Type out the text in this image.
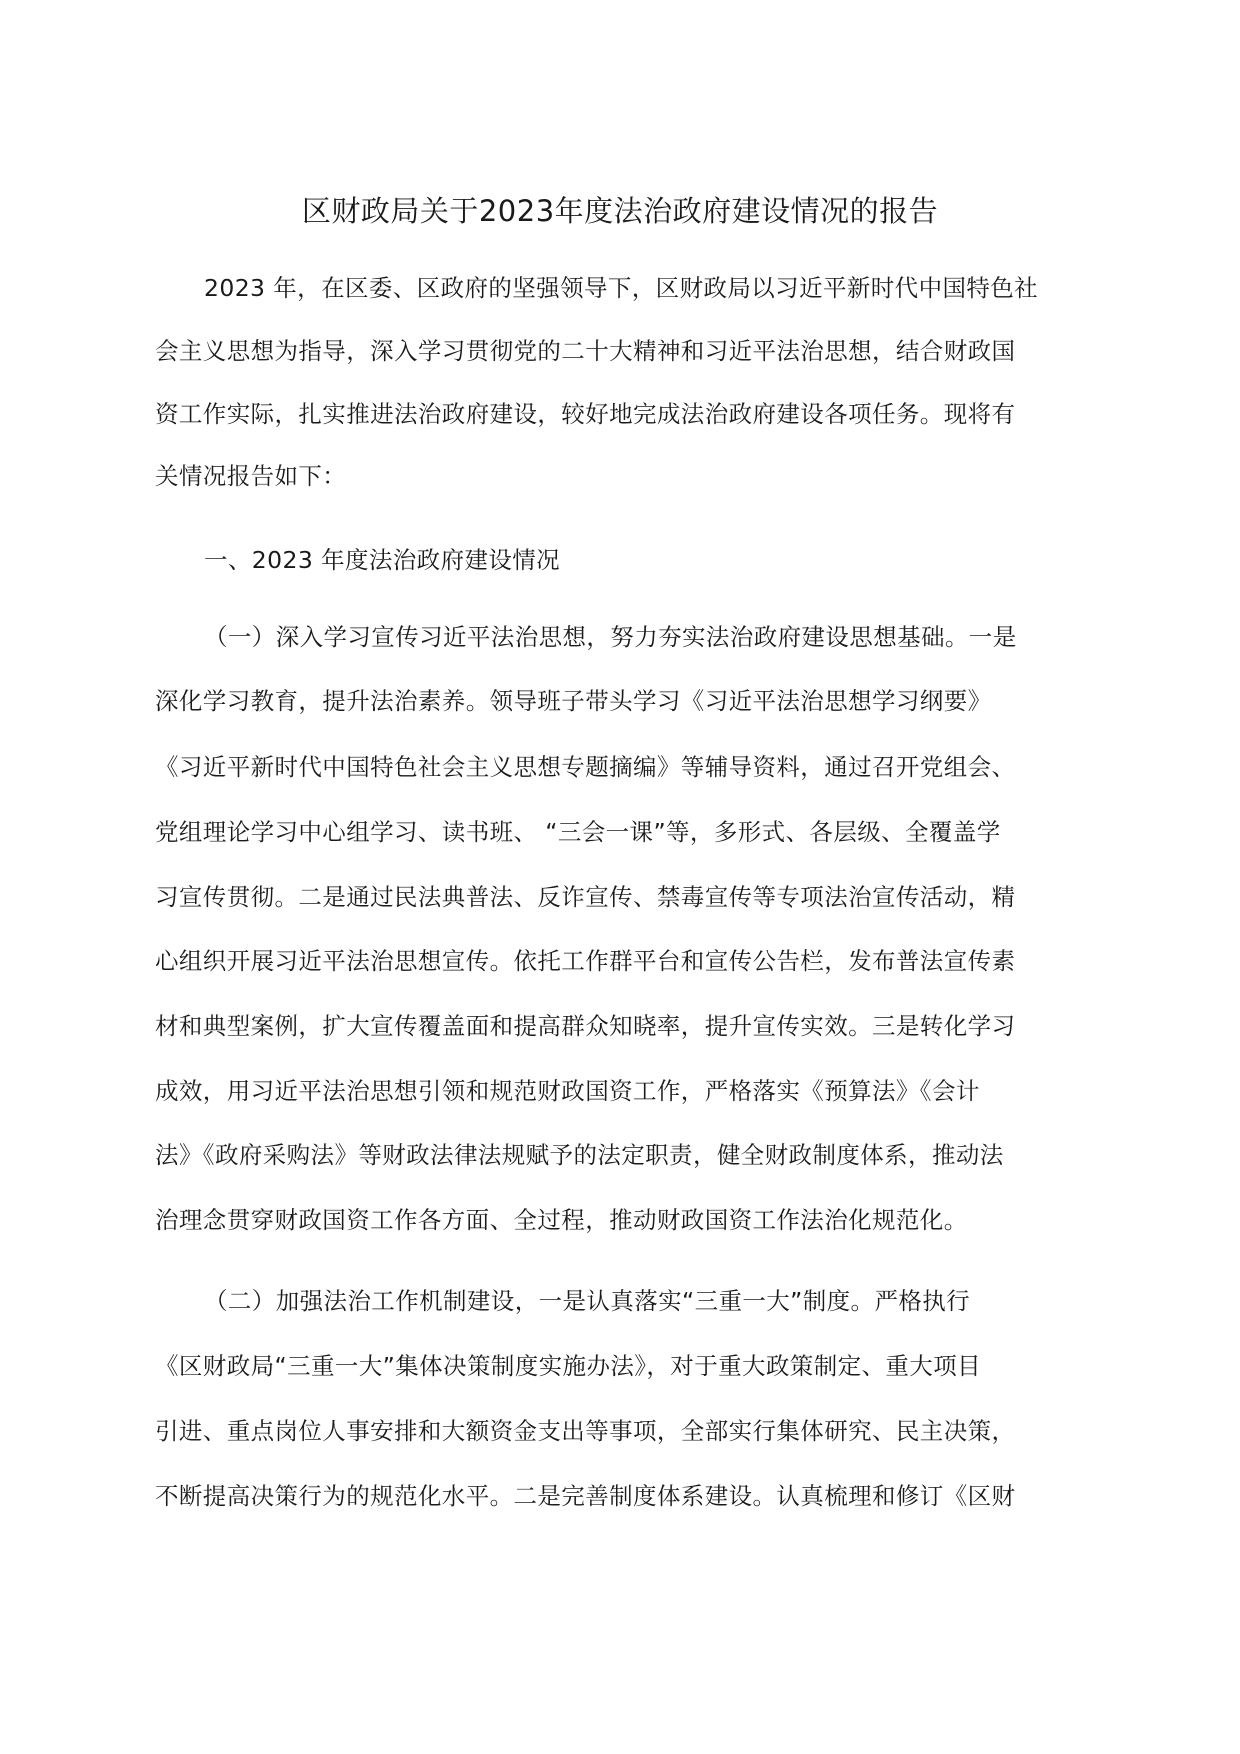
区财政局关于2023年度法治政府建设情况的报告
2023 年，在区委、区政府的坚强领导下，区财政局以习近平新时代中国特色社
会主义思想为指导，深入学习贯彻党的二十大精神和习近平法治思想，结合财政国
资工作实际，扎实推进法治政府建设，较好地完成法治政府建设各项任务。现将有
关情况报告如下：
一、2023 年度法治政府建设情况
（一）深入学习宣传习近平法治思想，努力夯实法治政府建设思想基础。一是
深化学习教育，提升法治素养。领导班子带头学习《习近平法治思想学习纲要》
《习近平新时代中国特色社会主义思想专题摘编》等辅导资料，通过召开党组会、
党组理论学习中心组学习、读书班、 “三会一课”等，多形式、各层级、全覆盖学
习宣传贯彻。二是通过民法典普法、反诈宣传、禁毒宣传等专项法治宣传活动，精
心组织开展习近平法治思想宣传。依托工作群平台和宣传公告栏，发布普法宣传素
材和典型案例，扩大宣传覆盖面和提高群众知晓率，提升宣传实效。三是转化学习
成效，用习近平法治思想引领和规范财政国资工作，严格落实《预算法》《会计
法》《政府采购法》等财政法律法规赋予的法定职责，健全财政制度体系，推动法
治理念贯穿财政国资工作各方面、全过程，推动财政国资工作法治化规范化。
（二）加强法治工作机制建设，一是认真落实“三重一大”制度。严格执行
《区财政局“三重一大”集体决策制度实施办法》，对于重大政策制定、重大项目
引进、重点岗位人事安排和大额资金支出等事项，全部实行集体研究、民主决策，
不断提高决策行为的规范化水平。二是完善制度体系建设。认真梳理和修订《区财
